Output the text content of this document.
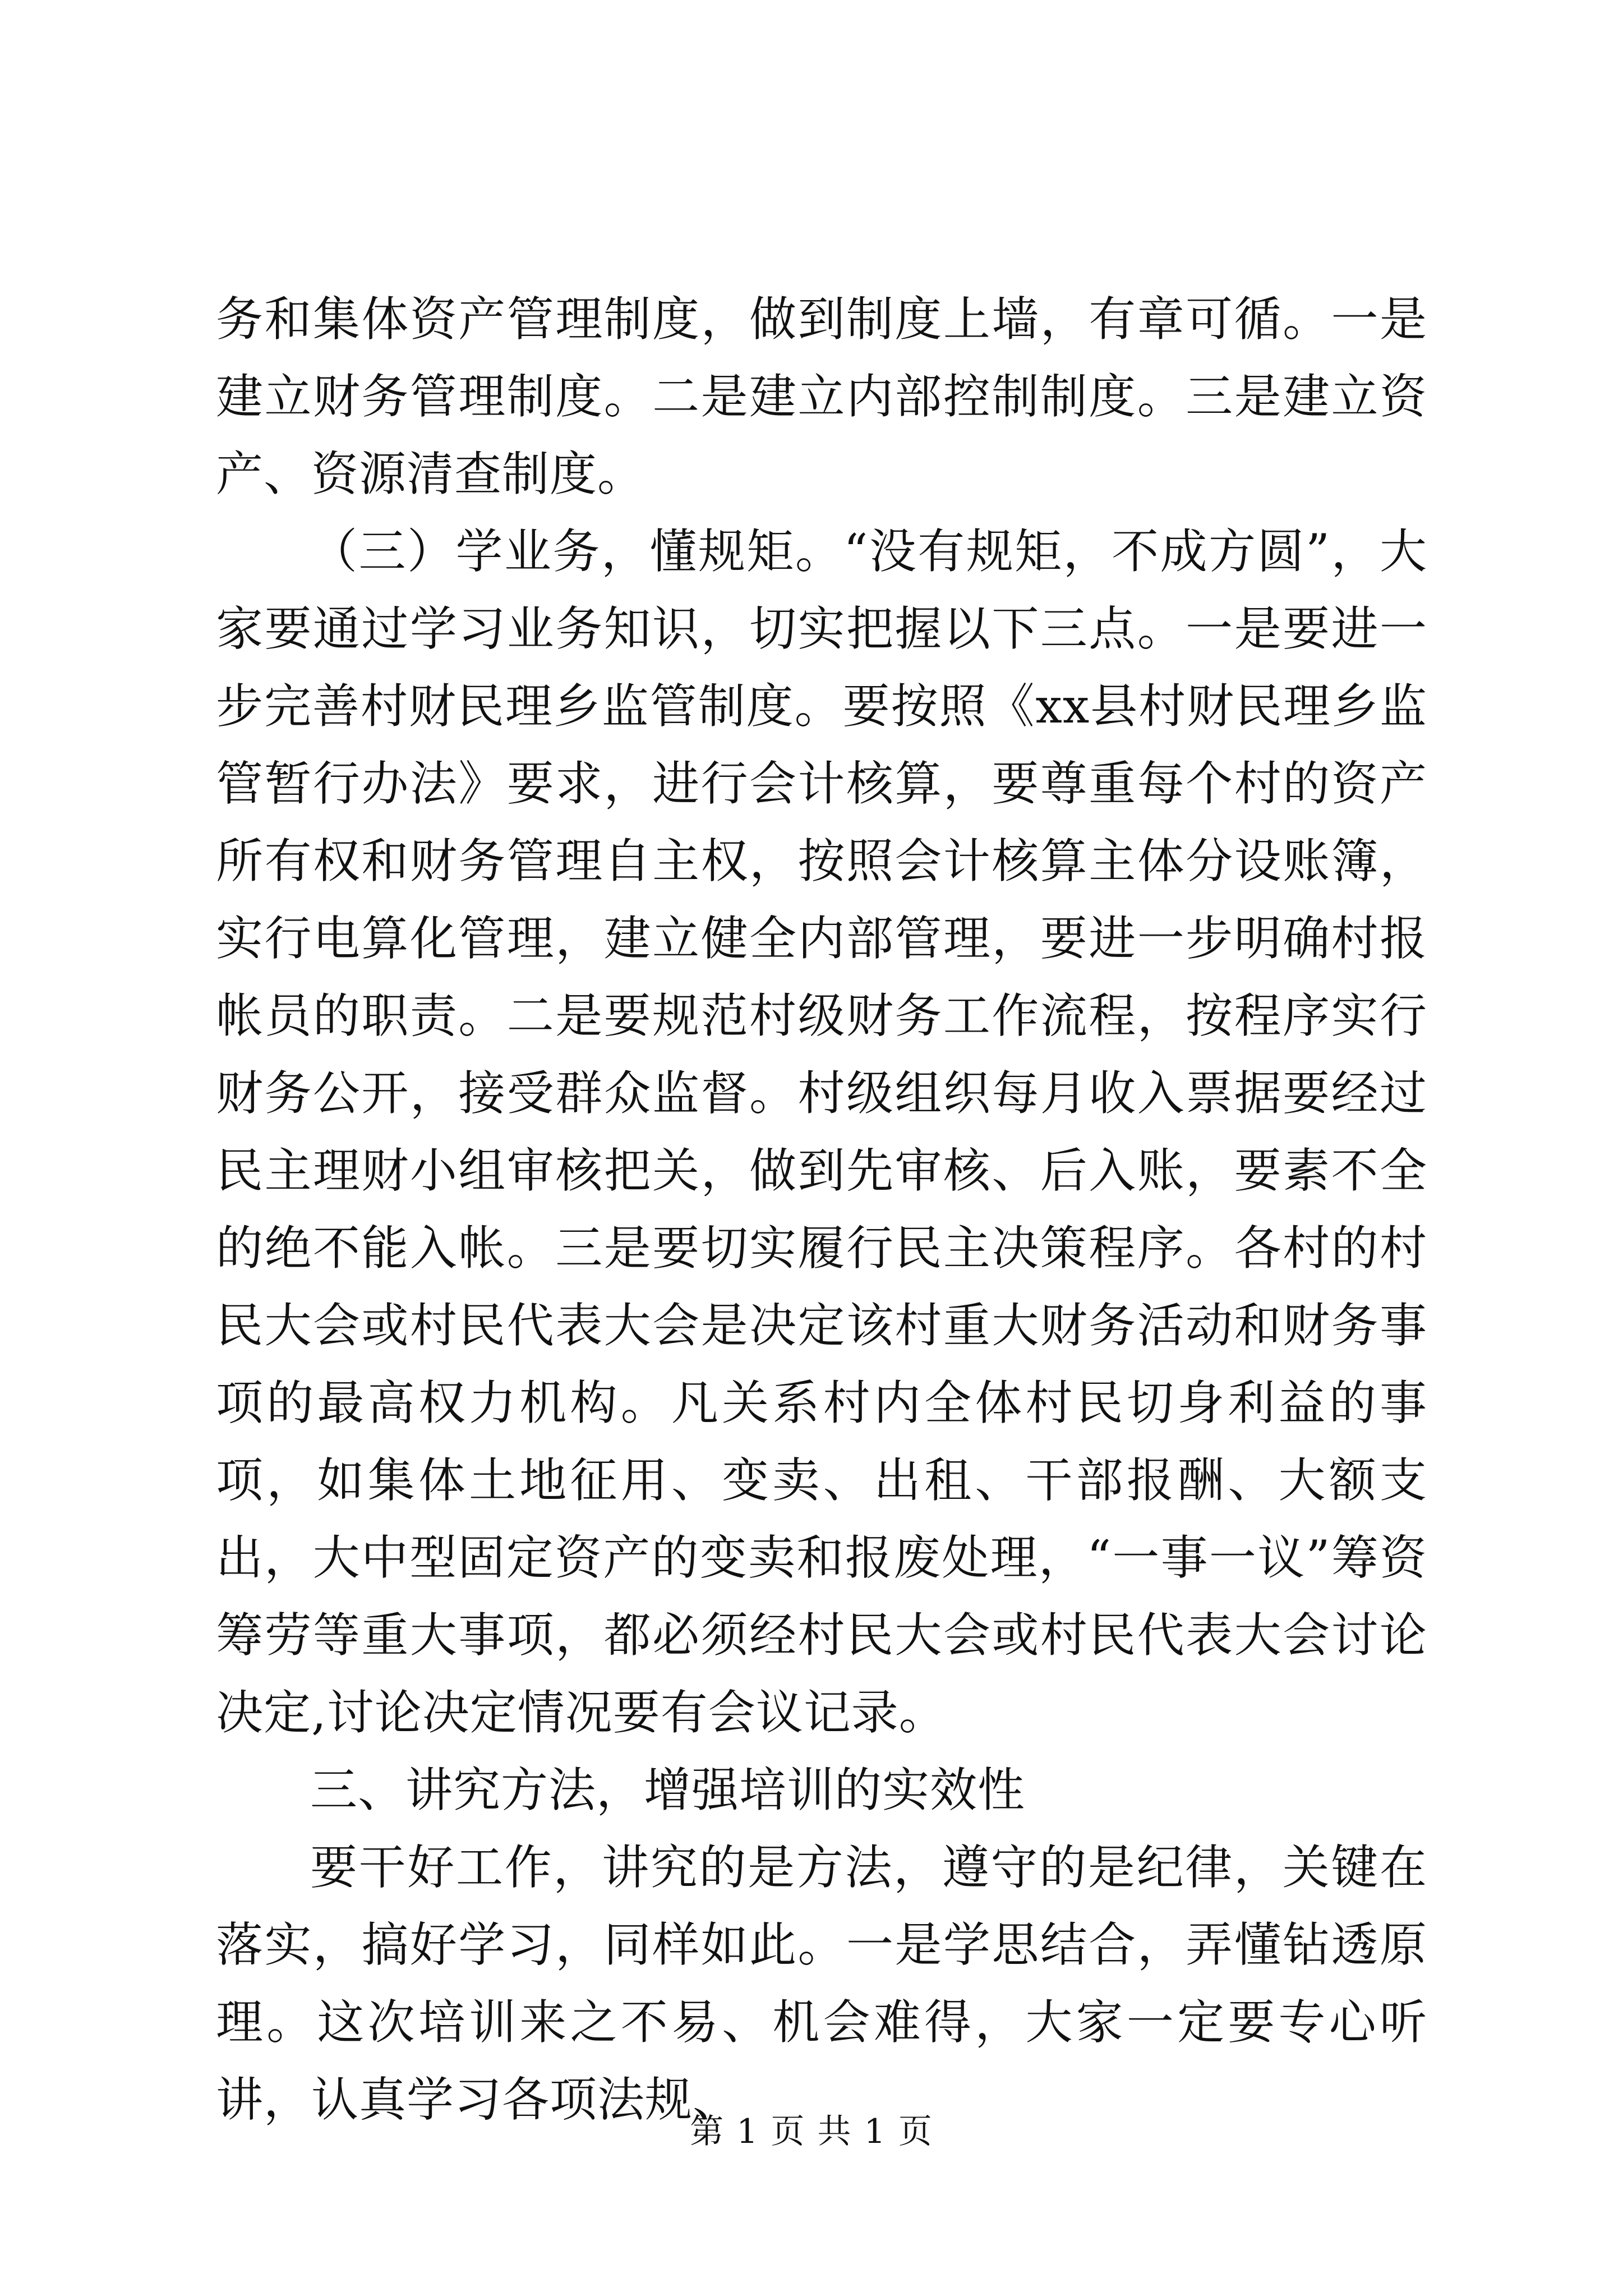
务和集体资产管理制度，做到制度上墙，有章可循。一是建立财务管理制度。二是建立内部控制制度。三是建立资产、资源清查制度。

（三）学业务，懂规矩。“没有规矩，不成方圆”，大家要通过学习业务知识，切实把握以下三点。一是要进一步完善村财民理乡监管制度。要按照《xx县村财民理乡监管暂行办法》要求，进行会计核算，要尊重每个村的资产所有权和财务管理自主权，按照会计核算主体分设账簿，实行电算化管理，建立健全内部管理，要进一步明确村报帐员的职责。二是要规范村级财务工作流程，按程序实行财务公开，接受群众监督。村级组织每月收入票据要经过民主理财小组审核把关，做到先审核、后入账，要素不全的绝不能入帐。三是要切实履行民主决策程序。各村的村民大会或村民代表大会是决定该村重大财务活动和财务事项的最高权力机构。凡关系村内全体村民切身利益的事项，如集体土地征用、变卖、出租、干部报酬、大额支出，大中型固定资产的变卖和报废处理，“一事一议”筹资筹劳等重大事项，都必须经村民大会或村民代表大会讨论决定,讨论决定情况要有会议记录。

三、讲究方法，增强培训的实效性

要干好工作，讲究的是方法，遵守的是纪律，关键在落实，搞好学习，同样如此。一是学思结合，弄懂钻透原理。这次培训来之不易、机会难得，大家一定要专心听讲，认真学习各项法规、

第 1 页 共 1 页
